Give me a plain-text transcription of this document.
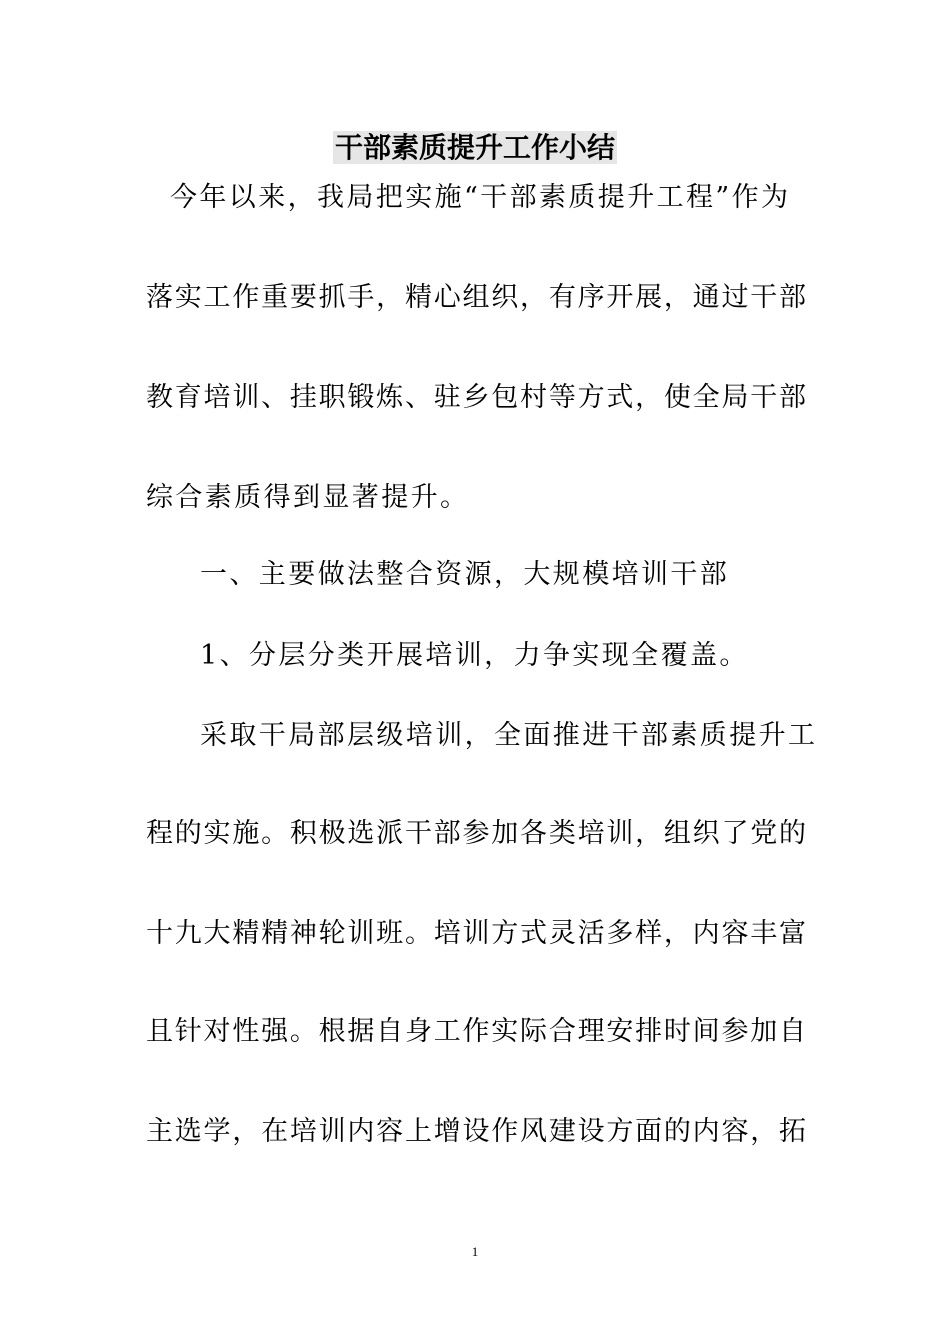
干部素质提升工作小结

今年以来，我局把实施“干部素质提升工程”作为

落实工作重要抓手，精心组织，有序开展，通过干部

教育培训、挂职锻炼、驻乡包村等方式，使全局干部

综合素质得到显著提升。

一、主要做法整合资源，大规模培训干部

1、分层分类开展培训，力争实现全覆盖。

采取干局部层级培训，全面推进干部素质提升工

程的实施。积极选派干部参加各类培训，组织了党的

十九大精精神轮训班。培训方式灵活多样，内容丰富

且针对性强。根据自身工作实际合理安排时间参加自

主选学，在培训内容上增设作风建设方面的内容，拓

1
